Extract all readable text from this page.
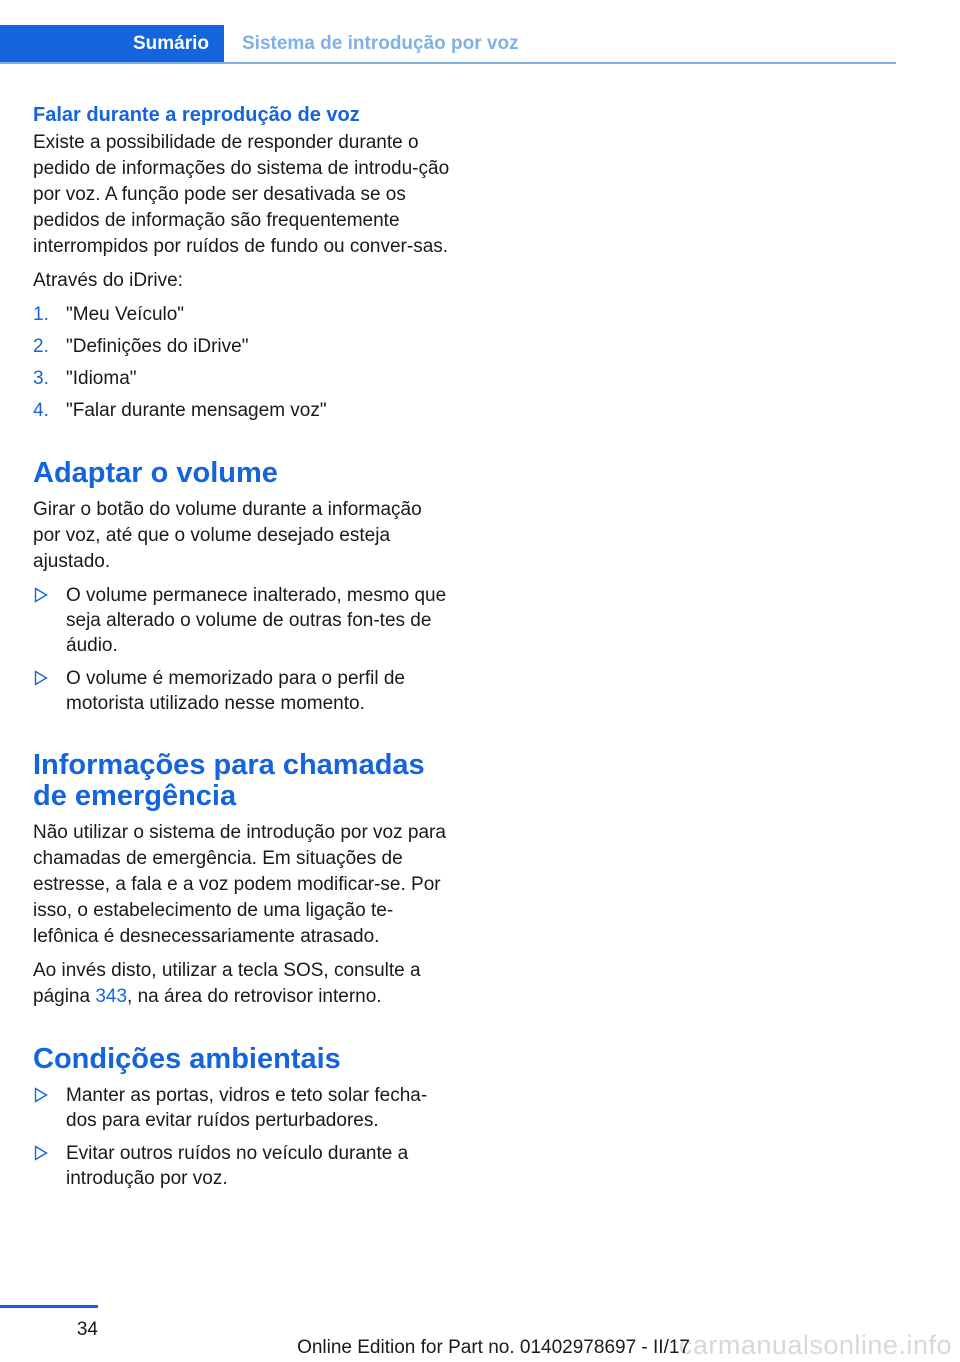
Sumário	Sistema de introdução por voz
Falar durante a reprodução de voz

Existe a possibilidade de responder durante o pedido de informações do sistema de introdu‐ção por voz. A função pode ser desativada se os pedidos de informação são frequentemente interrompidos por ruídos de fundo ou conver‐sas.

Através do iDrive:

1. "Meu Veículo"
2. "Definições do iDrive"
3. "Idioma"
4. "Falar durante mensagem voz"
Adaptar o volume

Girar o botão do volume durante a informação por voz, até que o volume desejado esteja ajustado.

O volume permanece inalterado, mesmo que seja alterado o volume de outras fon‐tes de áudio.
O volume é memorizado para o perfil de motorista utilizado nesse momento.
Informações para chamadas de emergência

Não utilizar o sistema de introdução por voz para chamadas de emergência. Em situações de estresse, a fala e a voz podem modificar-se. Por isso, o estabelecimento de uma ligação te‐lefônica é desnecessariamente atrasado.

Ao invés disto, utilizar a tecla SOS, consulte a página 343, na área do retrovisor interno.

Condições ambientais
Manter as portas, vidros e teto solar fecha‐dos para evitar ruídos perturbadores.
Evitar outros ruídos no veículo durante a introdução por voz.
34
carmanualsonline.info
Online Edition for Part no. 01402978697 - II/17
